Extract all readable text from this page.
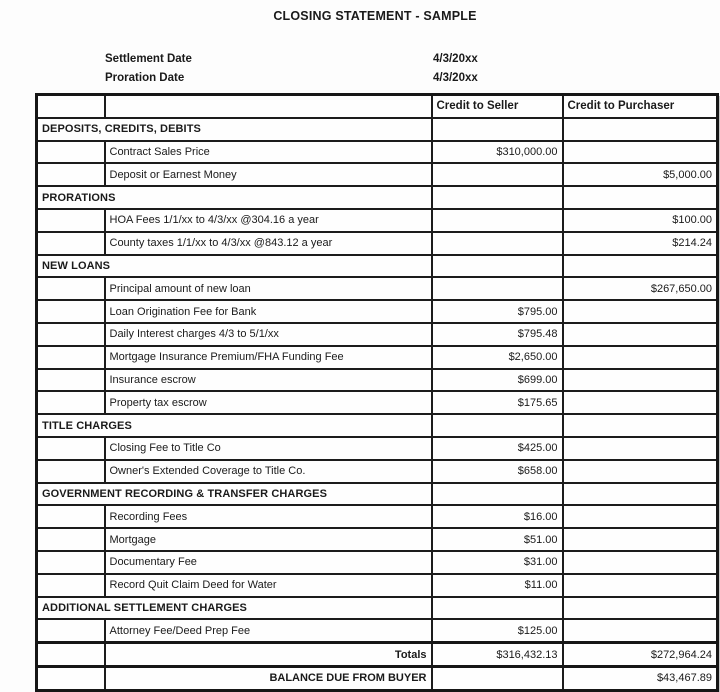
CLOSING STATEMENT - SAMPLE
Settlement Date	4/3/20xx
Proration Date	4/3/20xx
		Credit to Seller	Credit to Purchaser
DEPOSITS, CREDITS, DEBITS			
	Contract Sales Price	$310,000.00	
	Deposit or Earnest Money		$5,000.00
PRORATIONS			
	HOA Fees 1/1/xx to 4/3/xx @304.16 a year		$100.00
	County taxes 1/1/xx to 4/3/xx @843.12 a year		$214.24
NEW LOANS			
	Principal amount of new loan		$267,650.00
	Loan Origination Fee for Bank	$795.00	
	Daily Interest charges 4/3 to 5/1/xx	$795.48	
	Mortgage Insurance Premium/FHA Funding Fee	$2,650.00	
	Insurance escrow	$699.00	
	Property tax escrow	$175.65	
TITLE CHARGES			
	Closing Fee to Title Co	$425.00	
	Owner's Extended Coverage to Title Co.	$658.00	
GOVERNMENT RECORDING & TRANSFER CHARGES			
	Recording Fees	$16.00	
	Mortgage	$51.00	
	Documentary Fee	$31.00	
	Record Quit Claim Deed for Water	$11.00	
ADDITIONAL SETTLEMENT CHARGES			
	Attorney Fee/Deed Prep Fee	$125.00	
	Totals	$316,432.13	$272,964.24
	BALANCE DUE FROM BUYER		$43,467.89
